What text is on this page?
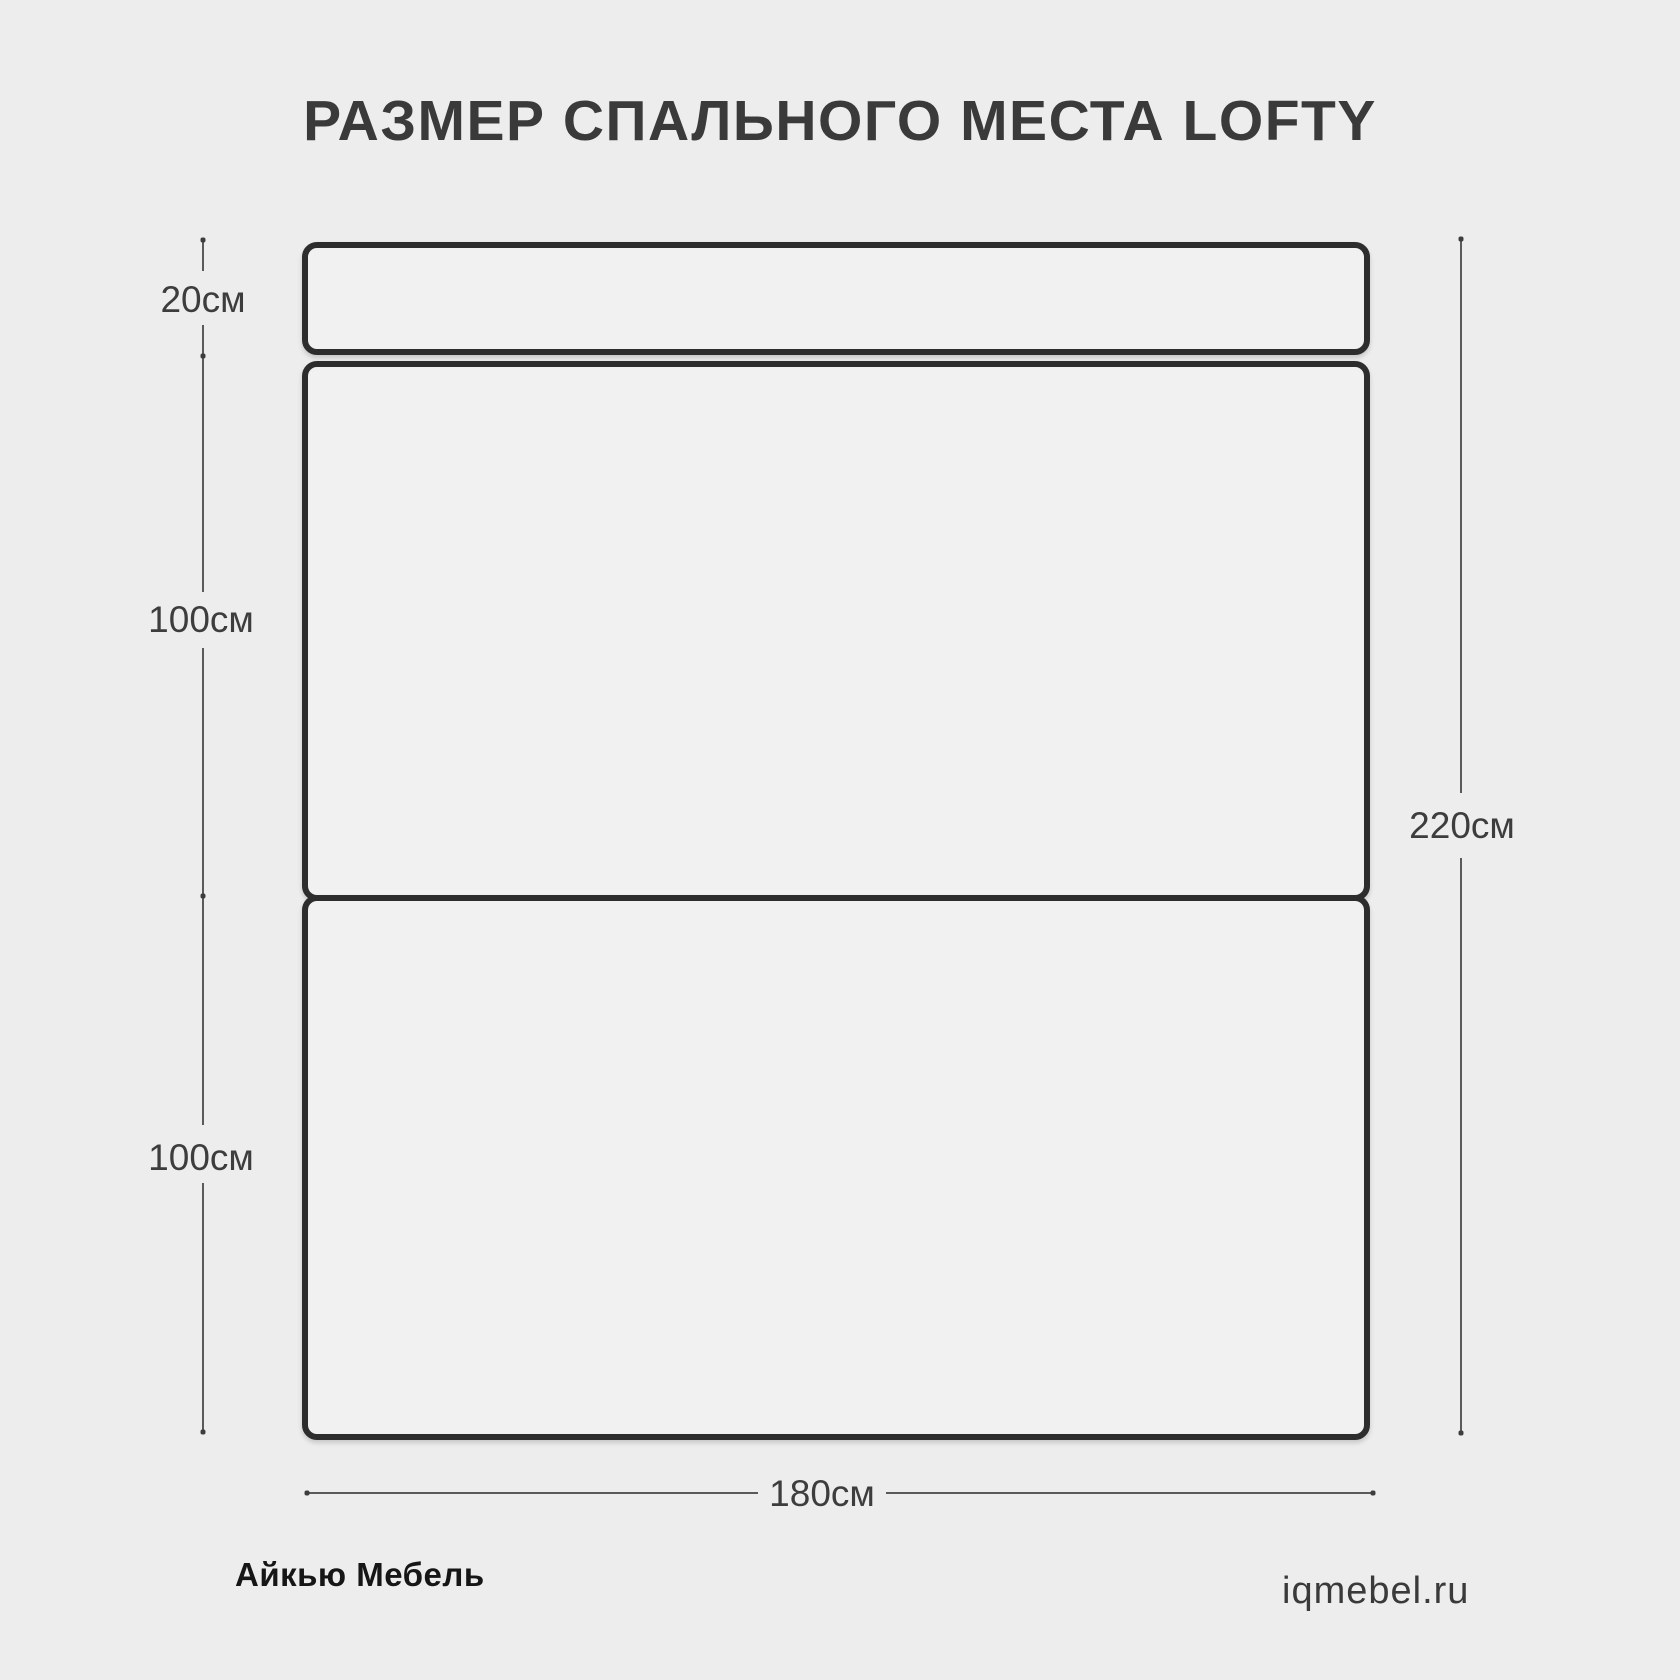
РАЗМЕР СПАЛЬНОГО МЕСТА LOFTY
20см
100см
100см
220см
180см
Айкью Мебель	iqmebel.ru
